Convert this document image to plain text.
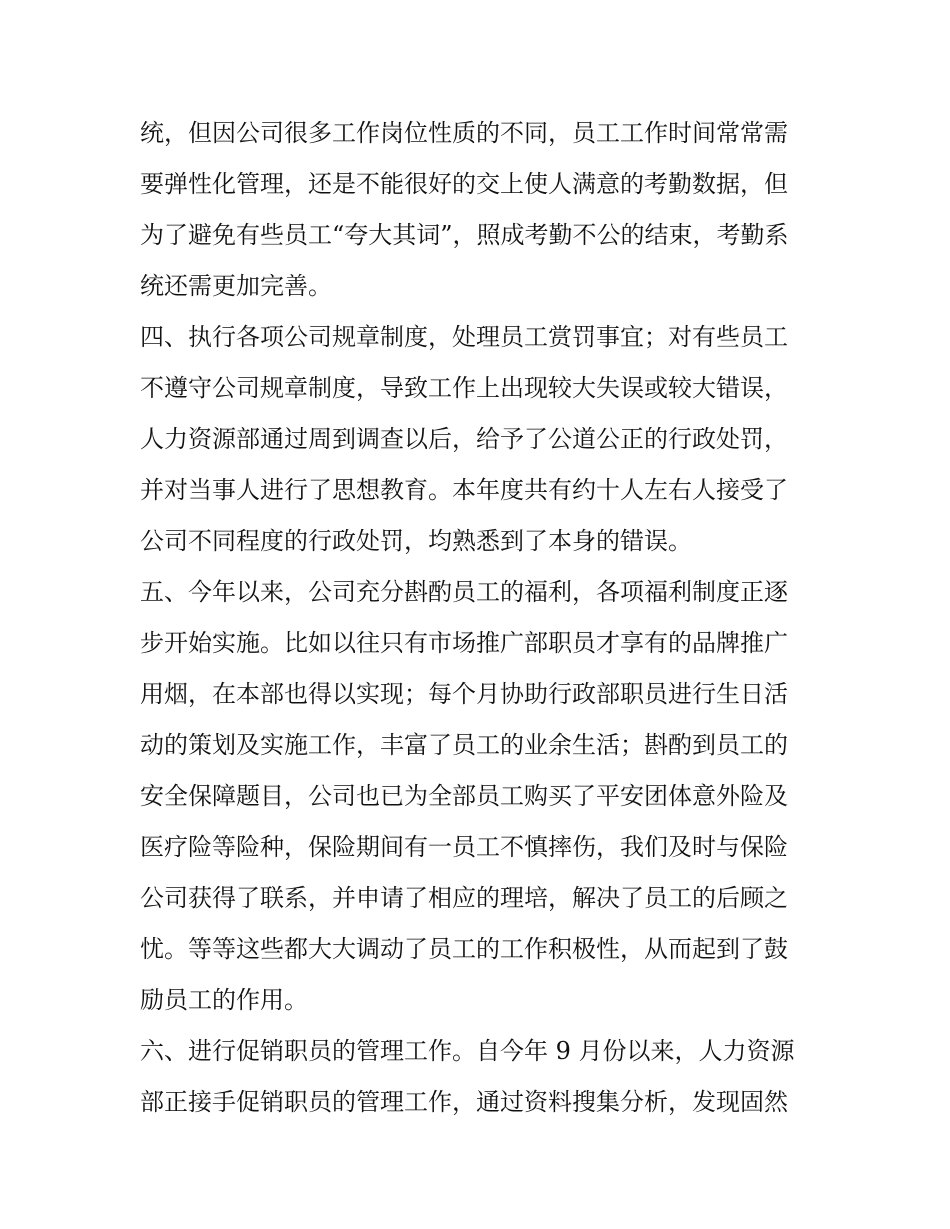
统，但因公司很多工作岗位性质的不同，员工工作时间常常需
要弹性化管理，还是不能很好的交上使人满意的考勤数据，但
为了避免有些员工“夸大其词”，照成考勤不公的结束，考勤系
统还需更加完善。
四、执行各项公司规章制度，处理员工赏罚事宜；对有些员工
不遵守公司规章制度，导致工作上出现较大失误或较大错误，
人力资源部通过周到调查以后，给予了公道公正的行政处罚，
并对当事人进行了思想教育。本年度共有约十人左右人接受了
公司不同程度的行政处罚，均熟悉到了本身的错误。
五、今年以来，公司充分斟酌员工的福利，各项福利制度正逐
步开始实施。比如以往只有市场推广部职员才享有的品牌推广
用烟，在本部也得以实现；每个月协助行政部职员进行生日活
动的策划及实施工作，丰富了员工的业余生活；斟酌到员工的
安全保障题目，公司也已为全部员工购买了平安团体意外险及
医疗险等险种，保险期间有一员工不慎摔伤，我们及时与保险
公司获得了联系，并申请了相应的理培，解决了员工的后顾之
忧。等等这些都大大调动了员工的工作积极性，从而起到了鼓
励员工的作用。
六、进行促销职员的管理工作。自今年 9 月份以来，人力资源
部正接手促销职员的管理工作，通过资料搜集分析，发现固然
